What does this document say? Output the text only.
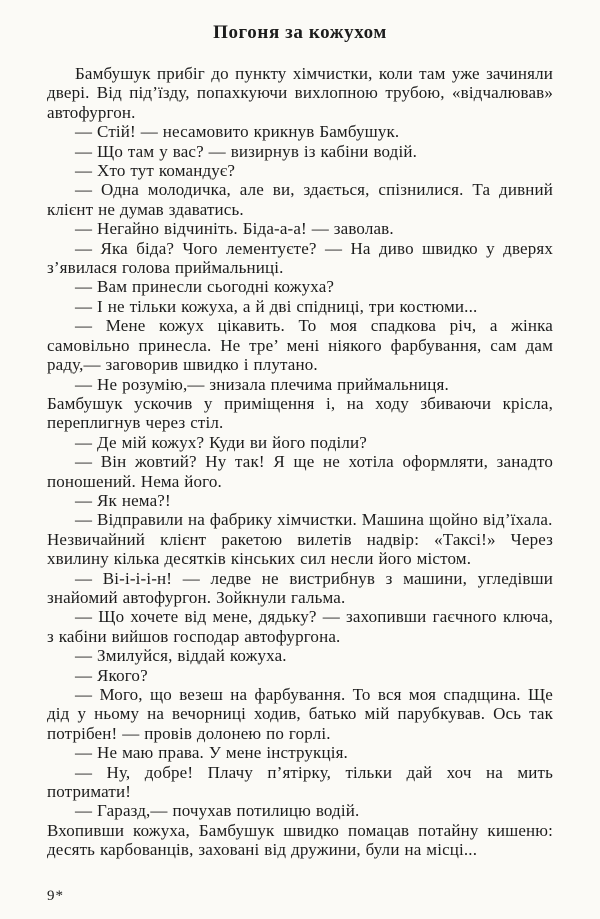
Погоня за кожухом

Бамбушук прибіг до пункту хімчистки, коли там уже зачиняли двері. Від під’їзду, попахкуючи вихлопною трубою, «відчалював» автофургон.

— Стій! — несамовито крикнув Бамбушук.

— Що там у вас? — визирнув із кабіни водій.

— Хто тут командує?

— Одна молодичка, але ви, здається, спізнилися. Та дивний клієнт не думав здаватись.

— Негайно відчиніть. Біда-а-а! — заволав.

— Яка біда? Чого лементуєте? — На диво швидко у дверях з’явилася голова приймальниці.

— Вам принесли сьогодні кожуха?

— І не тільки кожуха, а й дві спідниці, три костюми...

— Мене кожух цікавить. То моя спадкова річ, а жінка самовільно принесла. Не тре’ мені ніякого фарбування, сам дам раду,— заговорив швидко і плутано.

— Не розумію,— знизала плечима приймальниця.

Бамбушук ускочив у приміщення і, на ходу збиваючи крісла, переплигнув через стіл.

— Де мій кожух? Куди ви його поділи?

— Він жовтий? Ну так! Я ще не хотіла оформляти, занадто поношений. Нема його.

— Як нема?!

— Відправили на фабрику хімчистки. Машина щойно від’їхала.

Незвичайний клієнт ракетою вилетів надвір: «Таксі!» Через хвилину кілька десятків кінських сил несли його містом.

— Ві-і-і-і-н! — ледве не вистрибнув з машини, угледівши знайомий автофургон. Зойкнули гальма.

— Що хочете від мене, дядьку? — захопивши гаєчного ключа, з кабіни вийшов господар автофургона.

— Змилуйся, віддай кожуха.

— Якого?

— Мого, що везеш на фарбування. То вся моя спадщина. Ще дід у ньому на вечорниці ходив, батько мій парубкував. Ось так потрібен! — провів долонею по горлі.

— Не маю права. У мене інструкція.

— Ну, добре! Плачу п’ятірку, тільки дай хоч на мить потримати!

— Гаразд,— почухав потилицю водій.

Вхопивши кожуха, Бамбушук швидко помацав потайну кишеню: десять карбованців, заховані від дружини, були на місці...

9*
